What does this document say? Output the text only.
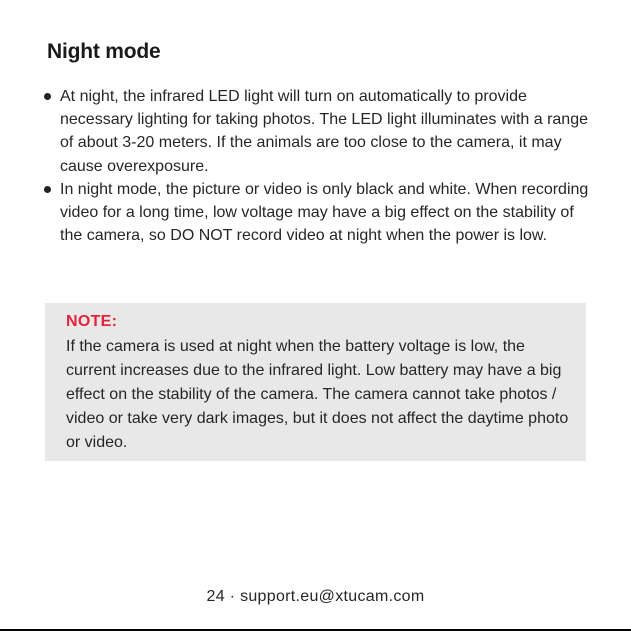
Night mode
At night, the infrared LED light will turn on automatically to provide necessary lighting for taking photos. The LED light illuminates with a range of about 3-20 meters. If the animals are too close to the camera, it may cause overexposure.
In night mode, the picture or video is only black and white. When recording video for a long time, low voltage may have a big effect on the stability of the camera, so DO NOT record video at night when the power is low.
NOTE:
If the camera is used at night when the battery voltage is low, the current increases due to the infrared light. Low battery may have a big effect on the stability of the camera. The camera cannot take photos / video or take very dark images, but it does not affect the daytime photo or video.
24 · support.eu@xtucam.com
